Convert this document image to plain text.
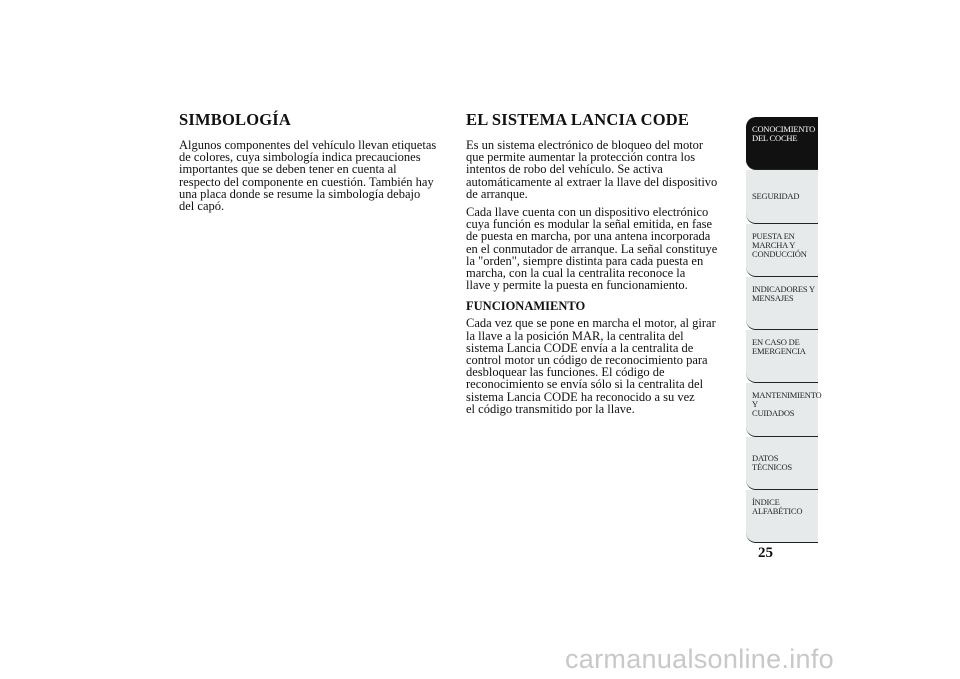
SIMBOLOGÍA

Algunos componentes del vehículo llevan etiquetas
de colores, cuya simbología indica precauciones
importantes que se deben tener en cuenta al
respecto del componente en cuestión. También hay
una placa donde se resume la simbología debajo
del capó.

EL SISTEMA LANCIA CODE

Es un sistema electrónico de bloqueo del motor
que permite aumentar la protección contra los
intentos de robo del vehículo. Se activa
automáticamente al extraer la llave del dispositivo
de arranque.

Cada llave cuenta con un dispositivo electrónico
cuya función es modular la señal emitida, en fase
de puesta en marcha, por una antena incorporada
en el conmutador de arranque. La señal constituye
la "orden", siempre distinta para cada puesta en
marcha, con la cual la centralita reconoce la
llave y permite la puesta en funcionamiento.

FUNCIONAMIENTO

Cada vez que se pone en marcha el motor, al girar
la llave a la posición MAR, la centralita del
sistema Lancia CODE envía a la centralita de
control motor un código de reconocimiento para
desbloquear las funciones. El código de
reconocimiento se envía sólo si la centralita del
sistema Lancia CODE ha reconocido a su vez
el código transmitido por la llave.

CONOCIMIENTO
DEL COCHE
SEGURIDAD
PUESTA EN
MARCHA Y
CONDUCCIÓN
INDICADORES Y
MENSAJES
EN CASO DE
EMERGENCIA
MANTENIMIENTO Y
CUIDADOS
DATOS TÉCNICOS
ÍNDICE
ALFABÉTICO
25
carmanualsonline.info
